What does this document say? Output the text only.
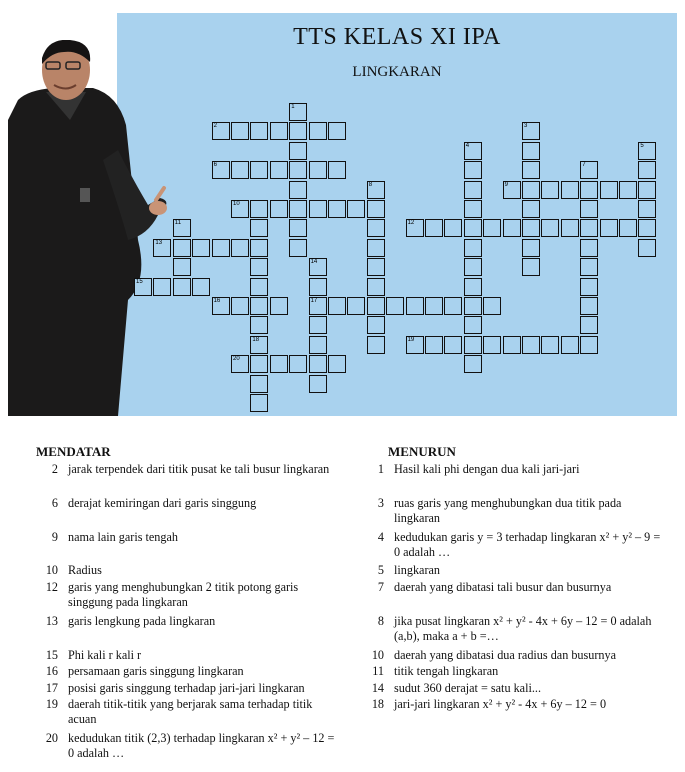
TTS KELAS XI IPA
LINGKARAN
1
2	3
4	5
6	7
8	9
10
11	12
13
14
15
16	17
18	19
20
MENDATAR	MENURUN
2 jarak terpendek dari titik pusat ke tali busur lingkaran
6 derajat kemiringan dari garis singgung
9 nama lain garis tengah
10 Radius
12 garis yang menghubungkan 2 titik potong garis singgung pada lingkaran
13 garis lengkung pada lingkaran
15 Phi kali r kali r
16 persamaan garis singgung lingkaran
17 posisi garis singgung terhadap jari-jari lingkaran
19 daerah titik-titik yang berjarak sama terhadap titik acuan
20 kedudukan titik (2,3) terhadap lingkaran x² + y² – 12 = 0 adalah …
1 Hasil kali phi dengan dua kali jari-jari
3 ruas garis yang menghubungkan dua titik pada lingkaran
4 kedudukan garis y = 3 terhadap lingkaran x² + y² – 9 = 0 adalah …
5 lingkaran
7 daerah yang dibatasi tali busur dan busurnya
8 jika pusat lingkaran x² + y² - 4x + 6y – 12 = 0 adalah (a,b), maka a + b =…
10 daerah yang dibatasi dua radius dan busurnya
11 titik tengah lingkaran
14 sudut 360 derajat = satu kali...
18 jari-jari lingkaran x² + y² - 4x + 6y – 12 = 0
